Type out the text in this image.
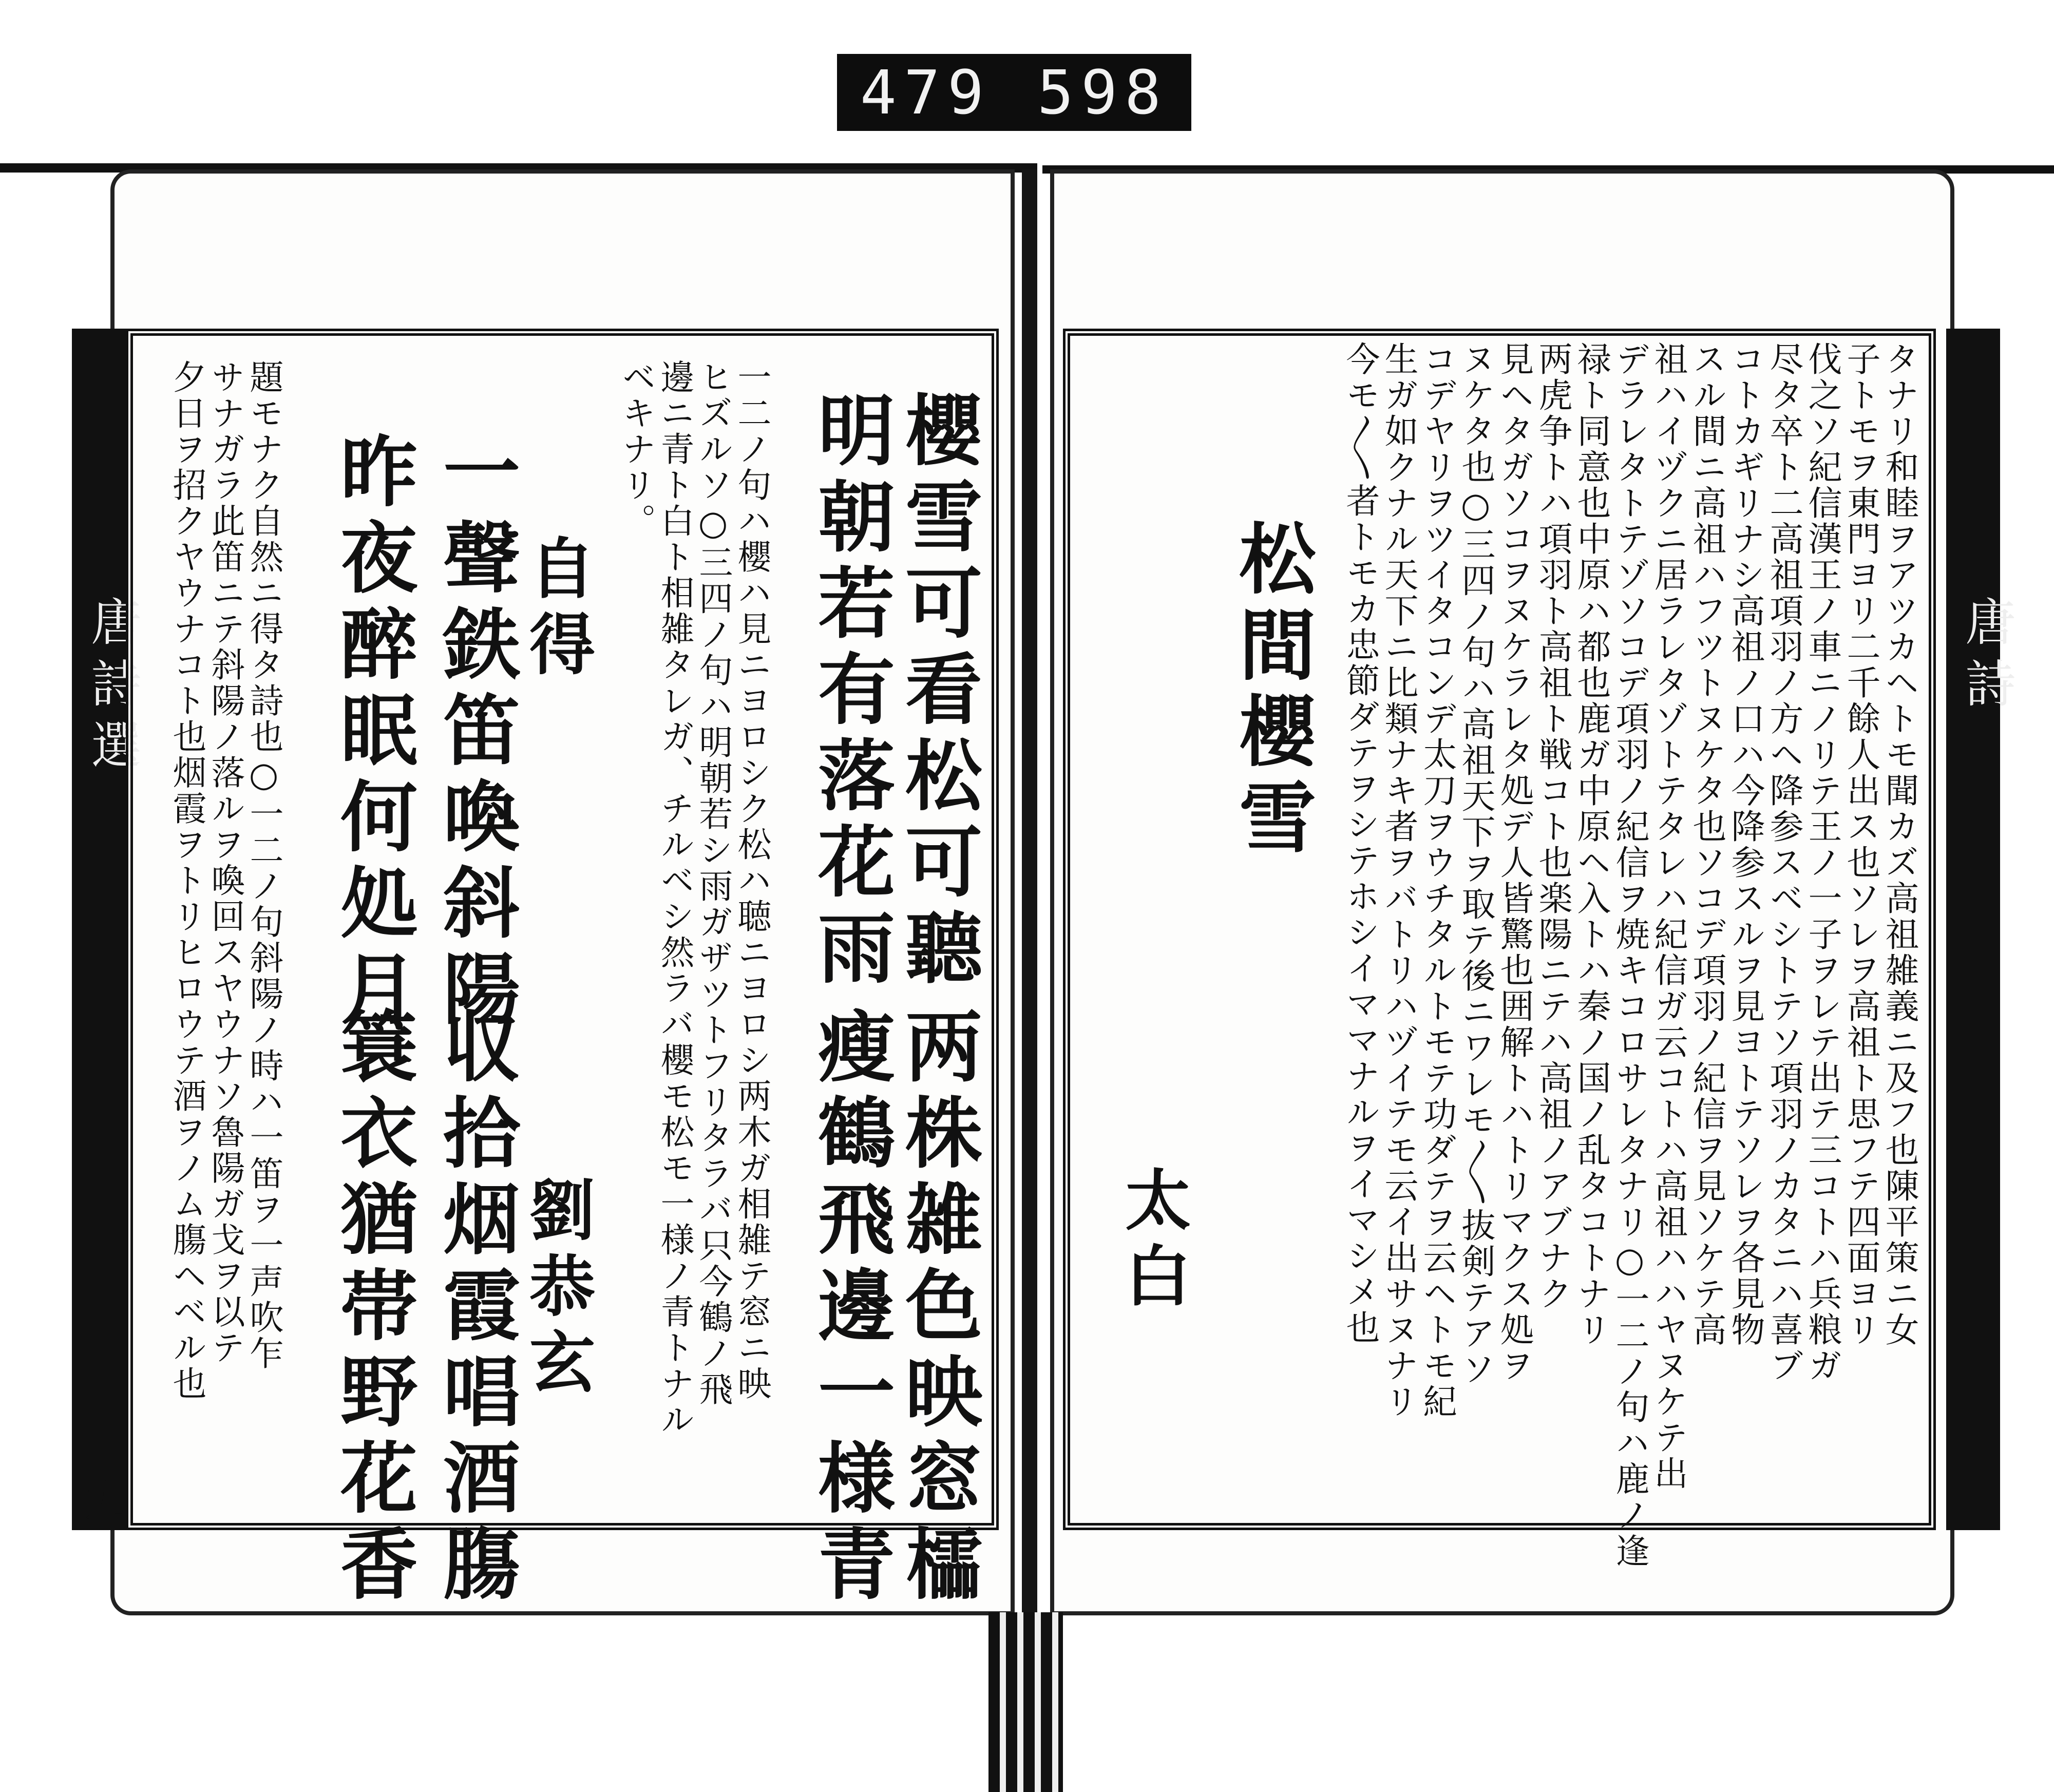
479 598
唐詩選	唐詩
タナリ和睦ヲアツカヘトモ聞カズ高祖雑義ニ及フ也陳平策ニ女
子トモヲ東門ヨリ二千餘人出ス也ソレヲ高祖ト思フテ四面ヨリ
伐之ソ紀信漢王ノ車ニノリテ王ノ一子ヲレテ出テ三コトハ兵粮ガ
尽タ卒ト二高祖項羽ノ方ヘ降参スベシトテソ項羽ノカタニハ喜ブ
コトカギリナシ高祖ノ口ハ今降参スルヲ見ヨトテソレヲ各見物
スル間ニ高祖ハフツトヌケタ也ソコデ項羽ノ紀信ヲ見ソケテ高
祖ハイヅクニ居ラレタゾトテタレハ紀信ガ云コトハ高祖ハハヤヌケテ出
デラレタトテゾソコデ項羽ノ紀信ヲ焼キコロサレタナリ○一二ノ句ハ鹿ノ逢
禄ト同意也中原ハ都也鹿ガ中原ヘ入トハ秦ノ国ノ乱タコトナリ
两虎争トハ項羽ト高祖ト戦コト也楽陽ニテハ高祖ノアブナク
見ヘタガソコヲヌケラレタ処デ人皆驚也囲解トハトリマクス処ヲ
ヌケタ也○三四ノ句ハ高祖天下ヲ取テ後ニワレモ〳〵抜剣テアソ
コデヤリヲツイタコンデ太刀ヲウチタルトモテ功ダテヲ云ヘトモ紀
生ガ如クナル天下ニ比類ナキ者ヲバトリハヅイテモ云イ出サヌナリ
今モ〳〵者トモカ忠節ダテヲシテホシイママナルヲイマシメ也
松間櫻雪
太白
櫻雪可看松可聽
两株雑色映窓櫺
明朝若有落花雨
瘦鶴飛邊一様青
一二ノ句ハ櫻ハ見ニヨロシク松ハ聴ニヨロシ两木ガ相雑テ窓ニ映
ヒズルソ○三四ノ句ハ明朝若シ雨ガザツトフリタラバ只今鶴ノ飛
邊ニ青ト白ト相雑タレガ、チルベシ然ラバ櫻モ松モ一様ノ青トナル
ベキナリ。
自得
劉恭玄
一聲鉄笛喚斜陽
収拾烟霞唱酒膓
昨夜醉眠何処月
簑衣猶帯野花香
題モナク自然ニ得タ詩也○一二ノ句斜陽ノ時ハ一笛ヲ一声吹乍
サナガラ此笛ニテ斜陽ノ落ルヲ喚回スヤウナソ魯陽ガ戈ヲ以テ
夕日ヲ招クヤウナコト也烟霞ヲトリヒロウテ酒ヲノム膓ヘベル也
九
